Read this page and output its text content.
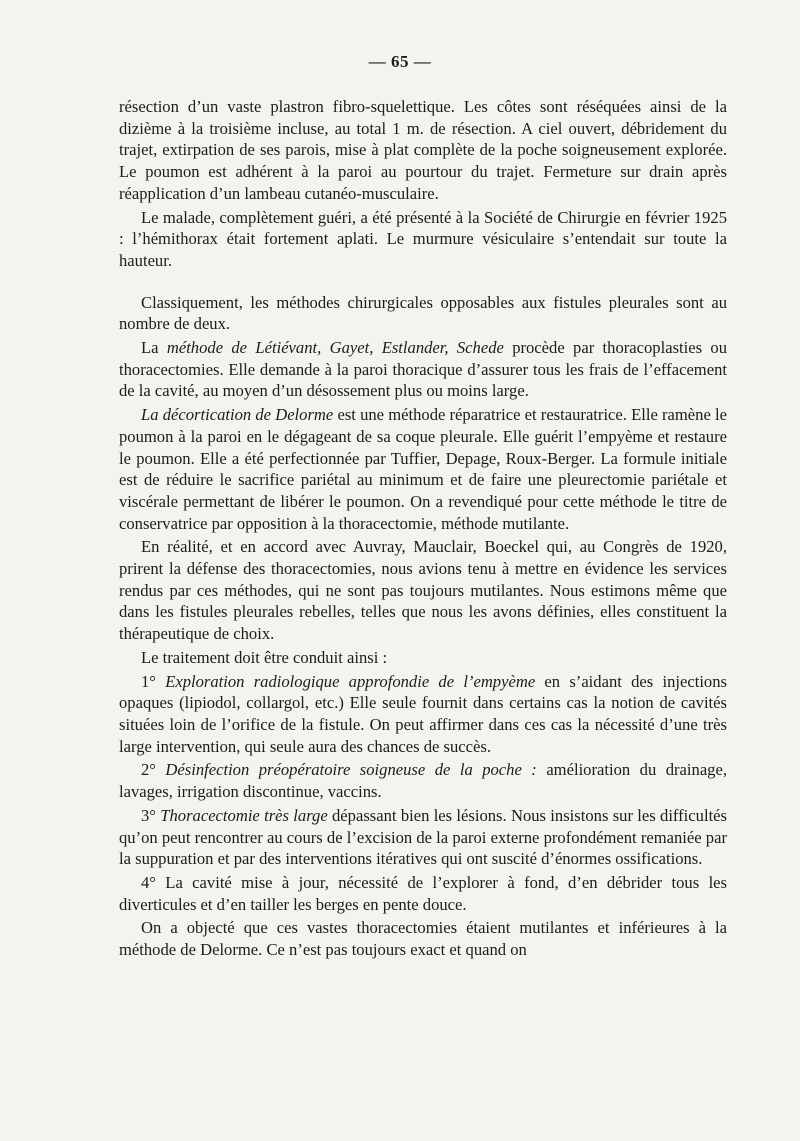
— 65 —

résection d’un vaste plastron fibro-squelettique. Les côtes sont réséquées ainsi de la dizième à la troisième incluse, au total 1 m. de résection. A ciel ouvert, débridement du trajet, extirpation de ses parois, mise à plat complète de la poche soigneusement explorée. Le poumon est adhérent à la paroi au pourtour du trajet. Fermeture sur drain après réapplication d’un lambeau cutanéo-musculaire.

Le malade, complètement guéri, a été présenté à la Société de Chirurgie en février 1925 : l’hémithorax était fortement aplati. Le murmure vésiculaire s’entendait sur toute la hauteur.

Classiquement, les méthodes chirurgicales opposables aux fistules pleurales sont au nombre de deux.

La méthode de Létiévant, Gayet, Estlander, Schede procède par thoracoplasties ou thoracectomies. Elle demande à la paroi thoracique d’assurer tous les frais de l’effacement de la cavité, au moyen d’un désossement plus ou moins large.

La décortication de Delorme est une méthode réparatrice et restauratrice. Elle ramène le poumon à la paroi en le dégageant de sa coque pleurale. Elle guérit l’empyème et restaure le poumon. Elle a été perfectionnée par Tuffier, Depage, Roux-Berger. La formule initiale est de réduire le sacrifice pariétal au minimum et de faire une pleurectomie pariétale et viscérale permettant de libérer le poumon. On a revendiqué pour cette méthode le titre de conservatrice par opposition à la thoracectomie, méthode mutilante.

En réalité, et en accord avec Auvray, Mauclair, Boeckel qui, au Congrès de 1920, prirent la défense des thoracectomies, nous avions tenu à mettre en évidence les services rendus par ces méthodes, qui ne sont pas toujours mutilantes. Nous estimons même que dans les fistules pleurales rebelles, telles que nous les avons définies, elles constituent la thérapeutique de choix.

Le traitement doit être conduit ainsi :

1° Exploration radiologique approfondie de l’empyème en s’aidant des injections opaques (lipiodol, collargol, etc.) Elle seule fournit dans certains cas la notion de cavités situées loin de l’orifice de la fistule. On peut affirmer dans ces cas la nécessité d’une très large intervention, qui seule aura des chances de succès.

2° Désinfection préopératoire soigneuse de la poche : amélioration du drainage, lavages, irrigation discontinue, vaccins.

3° Thoracectomie très large dépassant bien les lésions. Nous insistons sur les difficultés qu’on peut rencontrer au cours de l’excision de la paroi externe profondément remaniée par la suppuration et par des interventions itératives qui ont suscité d’énormes ossifications.

4° La cavité mise à jour, nécessité de l’explorer à fond, d’en débrider tous les diverticules et d’en tailler les berges en pente douce.

On a objecté que ces vastes thoracectomies étaient mutilantes et inférieures à la méthode de Delorme. Ce n’est pas toujours exact et quand on
